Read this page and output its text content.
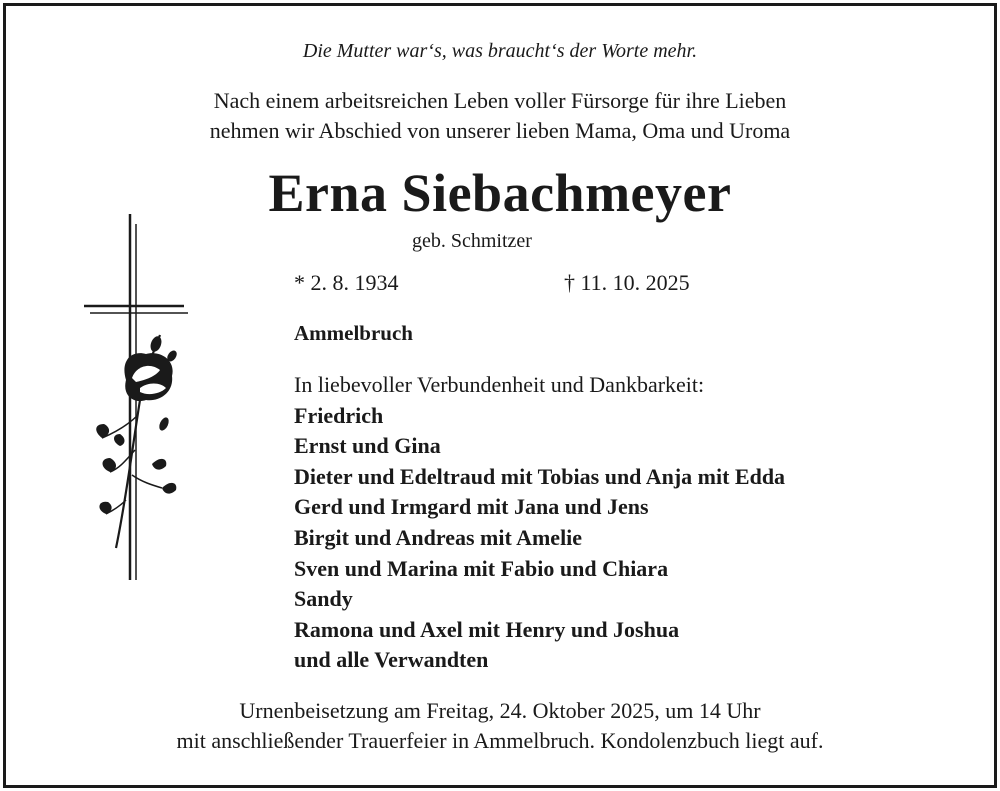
Die Mutter war‘s, was braucht‘s der Worte mehr.
Nach einem arbeitsreichen Leben voller Fürsorge für ihre Lieben
nehmen wir Abschied von unserer lieben Mama, Oma und Uroma
Erna Siebachmeyer
geb. Schmitzer
* 2. 8. 1934	† 11. 10. 2025
Ammelbruch
In liebevoller Verbundenheit und Dankbarkeit:
Friedrich
Ernst und Gina
Dieter und Edeltraud mit Tobias und Anja mit Edda
Gerd und Irmgard mit Jana und Jens
Birgit und Andreas mit Amelie
Sven und Marina mit Fabio und Chiara
Sandy
Ramona und Axel mit Henry und Joshua
und alle Verwandten
Urnenbeisetzung am Freitag, 24. Oktober 2025, um 14 Uhr
mit anschließender Trauerfeier in Ammelbruch. Kondolenzbuch liegt auf.
